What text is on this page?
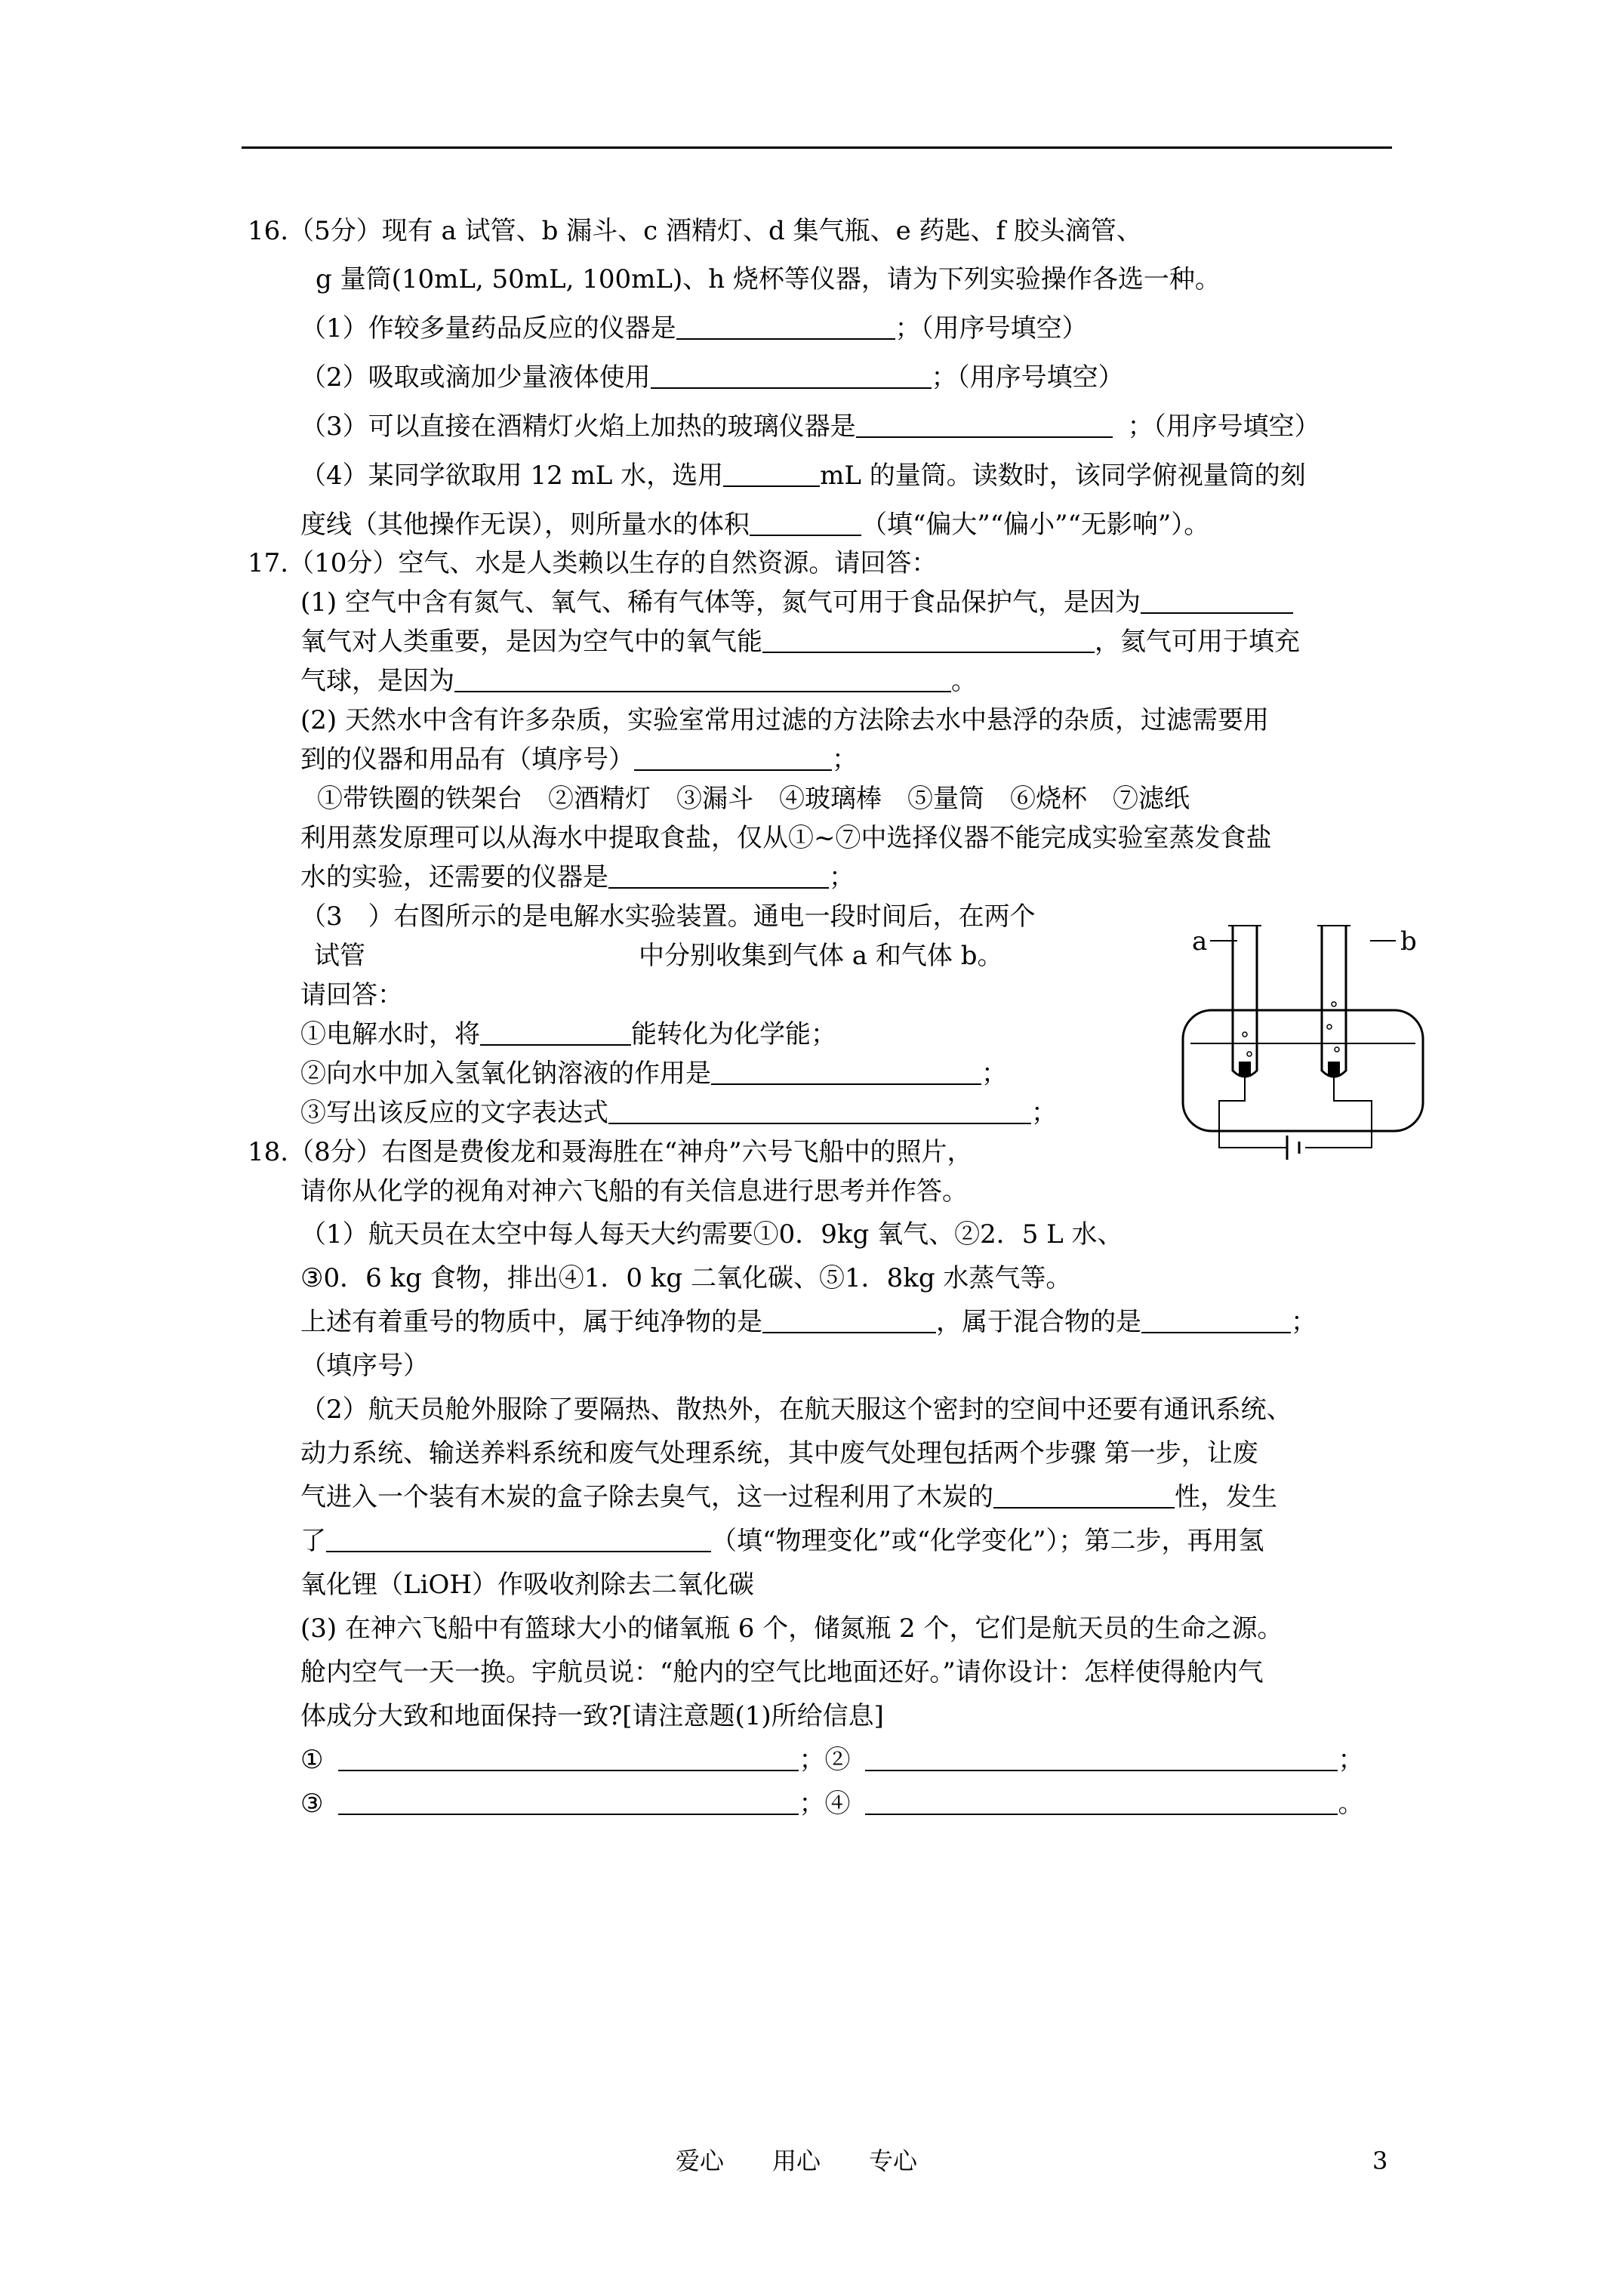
16.（5分）现有 a 试管、b 漏斗、c 酒精灯、d 集气瓶、e 药匙、f 胶头滴管、
g 量筒(10mL, 50mL, 100mL)、h 烧杯等仪器，请为下列实验操作各选一种。
（1）作较多量药品反应的仪器是	；（用序号填空）
（2）吸取或滴加少量液体使用	；（用序号填空）
（3）可以直接在酒精灯火焰上加热的玻璃仪器是	；（用序号填空）
（4）某同学欲取用 12 mL 水，选用	mL 的量筒。读数时，该同学俯视量筒的刻
度线（其他操作无误），则所量水的体积	（填“偏大”“偏小”“无影响”）。
17.（10分）空气、水是人类赖以生存的自然资源。请回答：
(1) 空气中含有氮气、氧气、稀有气体等，氮气可用于食品保护气，是因为
氧气对人类重要，是因为空气中的氧气能	，氦气可用于填充
气球，是因为	。
(2) 天然水中含有许多杂质，实验室常用过滤的方法除去水中悬浮的杂质，过滤需要用
到的仪器和用品有（填序号）	；
①带铁圈的铁架台　②酒精灯　③漏斗　④玻璃棒　⑤量筒　⑥烧杯　⑦滤纸
利用蒸发原理可以从海水中提取食盐，仅从①~⑦中选择仪器不能完成实验室蒸发食盐
水的实验，还需要的仪器是	；
（3　）右图所示的是电解水实验装置。通电一段时间后，在两个
试管	中分别收集到气体 a 和气体 b。
请回答：
①电解水时，将	能转化为化学能；
②向水中加入氢氧化钠溶液的作用是	；
③写出该反应的文字表达式	；
a	b
18.（8分）右图是费俊龙和聂海胜在“神舟”六号飞船中的照片，
请你从化学的视角对神六飞船的有关信息进行思考并作答。
（1）航天员在太空中每人每天大约需要①0．9kg 氧气、②2．5 L 水、
③0．6 kg 食物，排出④1．0 kg 二氧化碳、⑤1．8kg 水蒸气等。
上述有着重号的物质中，属于纯净物的是	，属于混合物的是	；
（填序号）
（2）航天员舱外服除了要隔热、散热外，在航天服这个密封的空间中还要有通讯系统、
动力系统、输送养料系统和废气处理系统，其中废气处理包括两个步骤 第一步，让废
气进入一个装有木炭的盒子除去臭气，这一过程利用了木炭的	性，发生
了	（填“物理变化”或“化学变化”）；第二步，再用氢
氧化锂（LiOH）作吸收剂除去二氧化碳
(3) 在神六飞船中有篮球大小的储氧瓶 6 个，储氮瓶 2 个，它们是航天员的生命之源。
舱内空气一天一换。宇航员说：“舱内的空气比地面还好。”请你设计：怎样使得舱内气
体成分大致和地面保持一致?[请注意题(1)所给信息]
①	；②	；
③	；④	。
爱心　　用心　　专心	3
